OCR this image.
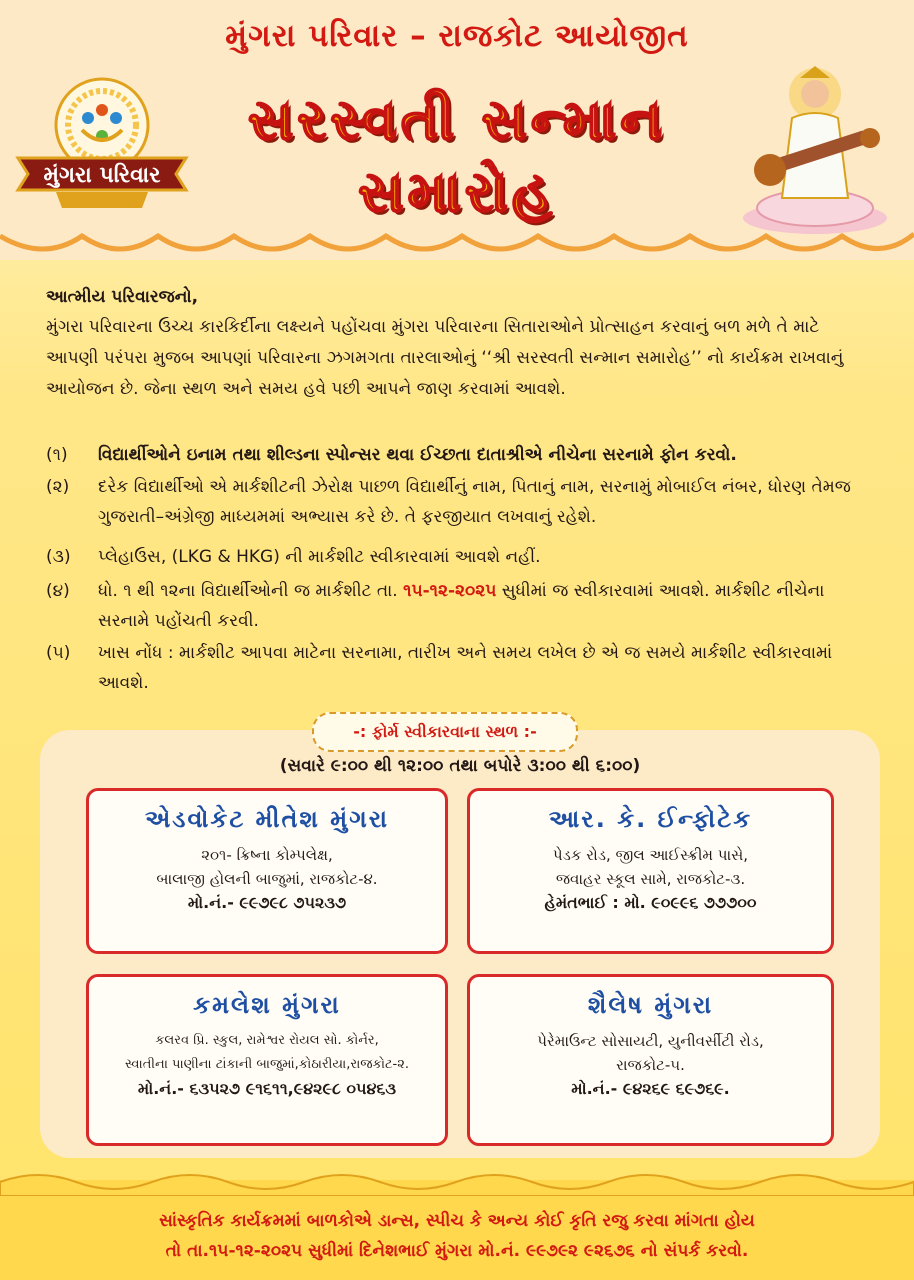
મુંગરા પરિવાર – રાજકોટ આયોજીત
સરસ્વતી સન્માન
સમારોહ
મુંગરા પરિવાર
આત્મીય પરિવારજનો,
મુંગરા પરિવારના ઉચ્ચ કારકિર્દીના લક્ષ્યને પહોંચવા મુંગરા પરિવારના સિતારાઓને પ્રોત્સાહન કરવાનું બળ મળે તે માટે આપણી પરંપરા મુજબ આપણાં પરિવારના ઝગમગતા તારલાઓનું ‘‘શ્રી સરસ્વતી સન્માન સમારોહ’’ નો કાર્યક્રમ રાખવાનું આયોજન છે. જેના સ્થળ અને સમય હવે પછી આપને જાણ કરવામાં આવશે.
(૧)	વિદ્યાર્થીઓને ઇનામ તથા શીલ્ડના સ્પોન્સર થવા ઈચ્છતા દાતાશ્રીએ નીચેના સરનામે ફોન કરવો.
(૨)	દરેક વિદ્યાર્થીઓ એ માર્કશીટની ઝેરોક્ષ પાછળ વિદ્યાર્થીનું નામ, પિતાનું નામ, સરનામું મોબાઈલ નંબર, ધોરણ તેમજ ગુજરાતી–અંગ્રેજી માધ્યમમાં અભ્યાસ કરે છે. તે ફરજીયાત લખવાનું રહેશે.
(૩)	પ્લેહાઉસ, (LKG & HKG) ની માર્કશીટ સ્વીકારવામાં આવશે નહીં.
(૪)	ધો. ૧ થી ૧૨ના વિદ્યાર્થીઓની જ માર્કશીટ તા. ૧૫-૧૨-૨૦૨૫ સુધીમાં જ સ્વીકારવામાં આવશે. માર્કશીટ નીચેના સરનામે પહોંચતી કરવી.
(૫)	ખાસ નોંધ : માર્કશીટ આપવા માટેના સરનામા, તારીખ અને સમય લખેલ છે એ જ સમયે માર્કશીટ સ્વીકારવામાં આવશે.
-: ફોર્મ સ્વીકારવાના સ્થળ :-
(સવારે ૯:૦૦ થી ૧૨:૦૦ તથા બપોરે ૩:૦૦ થી ૬:૦૦)
એડવોકેટ મીતેશ મુંગરા
૨૦૧- ક્રિષ્ના કોમ્પલેક્ષ,
બાલાજી હોલની બાજુમાં, રાજકોટ-૪.
મો.નં.- ૯૯૭૯૮ ૭૫૨૩૭
આર. કે. ઈન્ફોટેક
પેડક રોડ, જીલ આઈસ્ક્રીમ પાસે,
જવાહર સ્કૂલ સામે, રાજકોટ-૩.
હેમંતભાઈ : મો. ૯૦૯૯૬ ૭૭૭૦૦
કમલેશ મુંગરા
કલરવ પ્રિ. સ્કુલ, રામેશ્વર રોયલ સો. કોર્નર,
સ્વાતીના પાણીના ટાંકાની બાજુમાં,કોઠારીયા,રાજકોટ-૨.
મો.નં.- ૬૩૫૨૭ ૯૧૬૧૧,૯૪૨૯૮ ૦૫૪૬૩
શૈલેષ મુંગરા
પેરેમાઉન્ટ સોસાયટી, યુનીવર્સીટી રોડ,
રાજકોટ-૫.
મો.નં.- ૯૪૨૬૯ ૬૯૭૬૯.
સાંસ્કૃતિક કાર્યક્રમમાં બાળકોએ ડાન્સ, સ્પીચ કે અન્ય કોઈ કૃતિ રજુ કરવા માંગતા હોય
તો તા.૧૫-૧૨-૨૦૨૫ સુધીમાં દિનેશભાઈ મુંગરા મો.નં. ૯૯૭૯૨ ૯૨૬૭૬ નો સંપર્ક કરવો.
